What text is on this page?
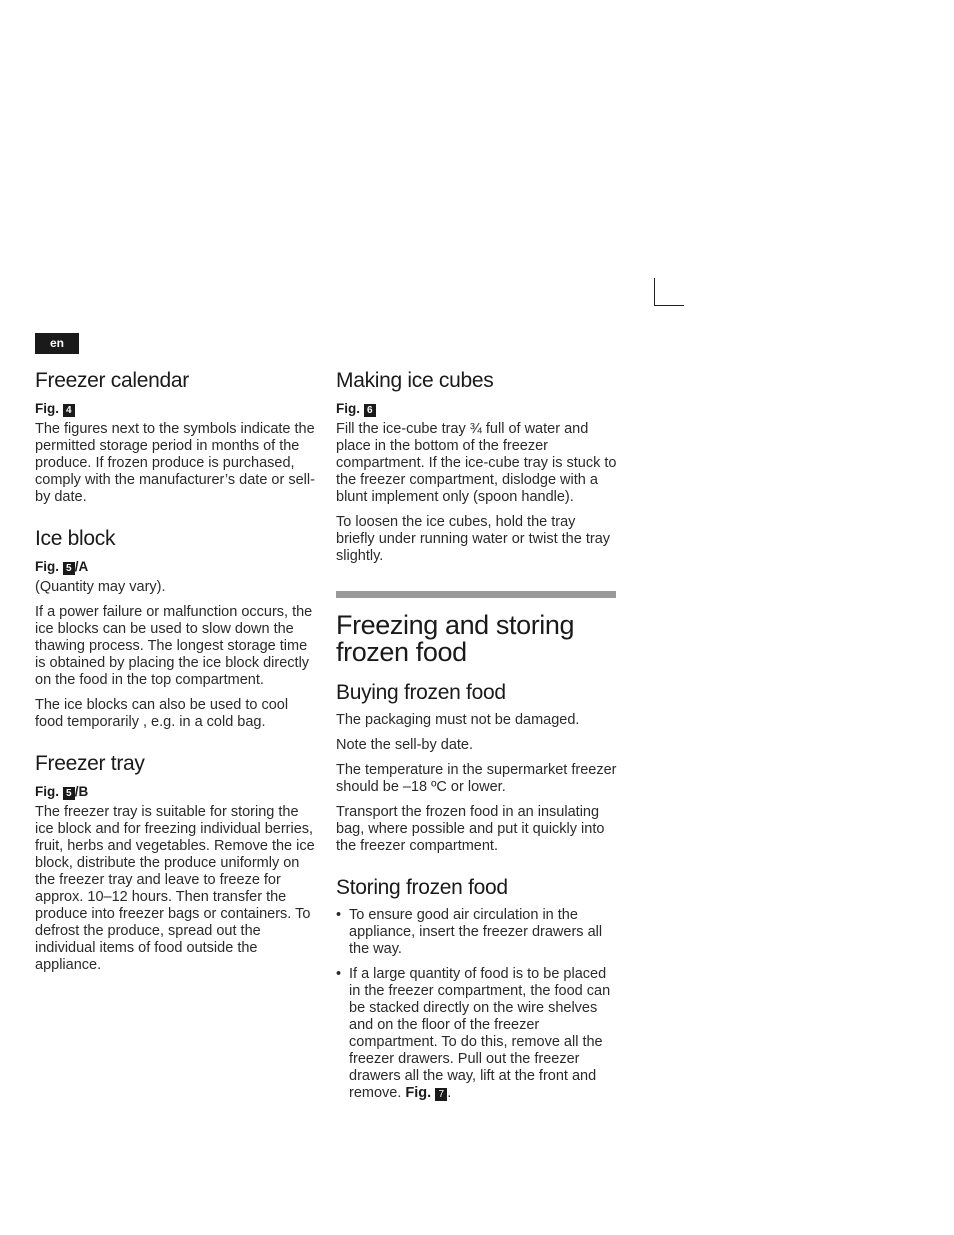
en
Freezer calendar
Fig. 4

The figures next to the symbols indicate the permitted storage period in months of the produce. If frozen produce is purchased, comply with the manufacturer’s date or sell-by date.

Ice block
Fig. 5 /A

(Quantity may vary).

If a power failure or malfunction occurs, the ice blocks can be used to slow down the thawing process. The longest storage time is obtained by placing the ice block directly on the food in the top compartment.

The ice blocks can also be used to cool food temporarily , e.g. in a cold bag.

Freezer tray
Fig. 5 /B

The freezer tray is suitable for storing the ice block and for freezing individual berries, fruit, herbs and vegetables. Remove the ice block, distribute the produce uniformly on the freezer tray and leave to freeze for approx. 10–12 hours. Then transfer the produce into freezer bags or containers. To defrost the produce, spread out the individual items of food outside the appliance.

Making ice cubes
Fig. 6

Fill the ice-cube tray ¾ full of water and place in the bottom of the freezer compartment. If the ice-cube tray is stuck to the freezer compartment, dislodge with a blunt implement only (spoon handle).

To loosen the ice cubes, hold the tray briefly under running water or twist the tray slightly.

Freezing and storing frozen food
Buying frozen food

The packaging must not be damaged.

Note the sell-by date.

The temperature in the supermarket freezer should be –18 ºC or lower.

Transport the frozen food in an insulating bag, where possible and put it quickly into the freezer compartment.

Storing frozen food
• To ensure good air circulation in the appliance, insert the freezer drawers all the way.
• If a large quantity of food is to be placed in the freezer compartment, the food can be stacked directly on the wire shelves and on the floor of the freezer compartment. To do this, remove all the freezer drawers. Pull out the freezer drawers all the way, lift at the front and remove. Fig. 7 .
